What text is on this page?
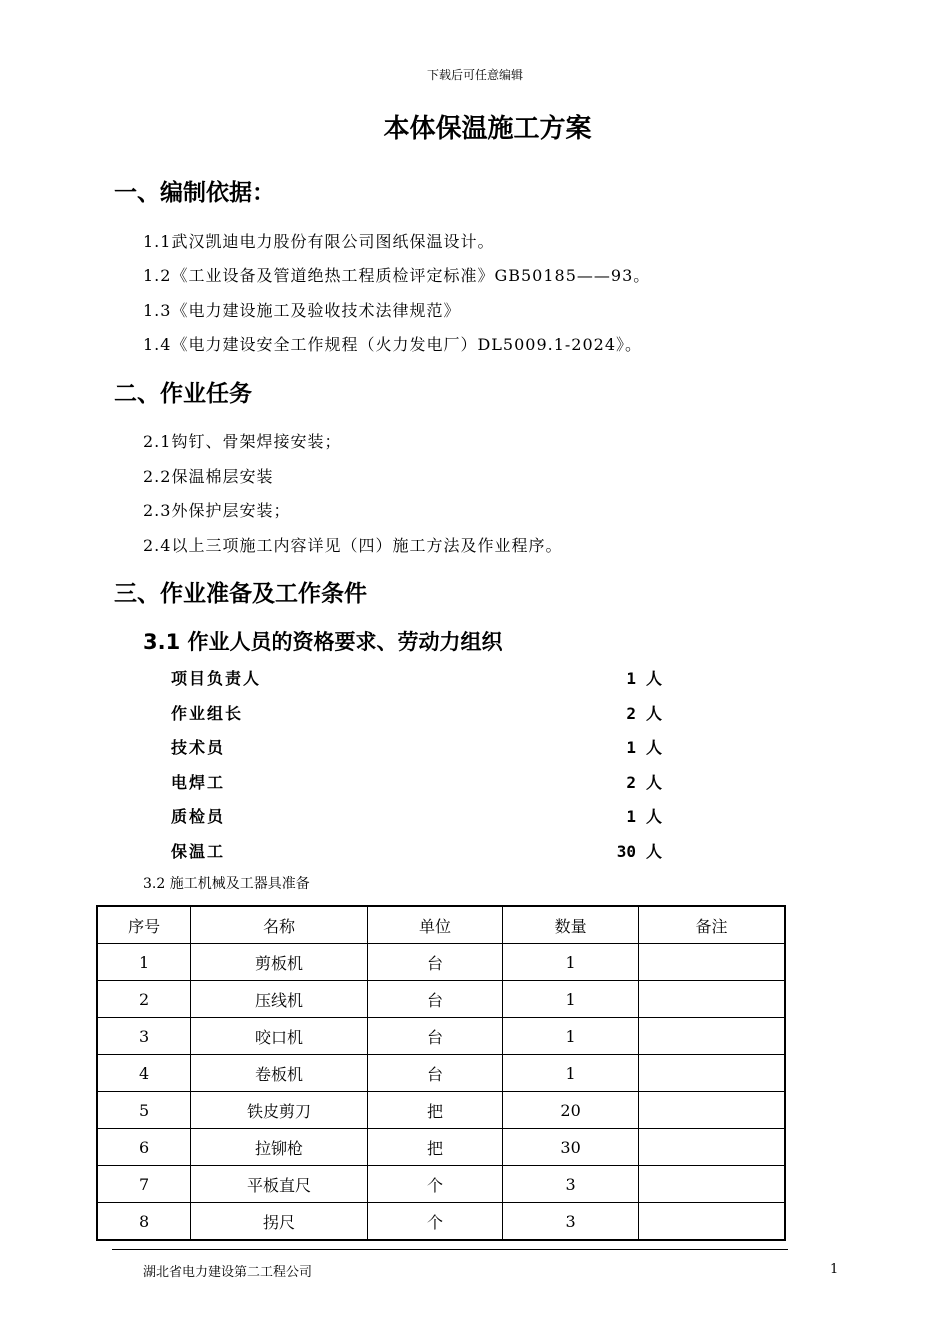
下载后可任意编辑
本体保温施工方案
一、编制依据：
1.1武汉凯迪电力股份有限公司图纸保温设计。
1.2《工业设备及管道绝热工程质检评定标准》GB50185——93。
1.3《电力建设施工及验收技术法律规范》
1.4《电力建设安全工作规程（火力发电厂）DL5009.1-2024》。
二、作业任务
2.1钩钉、骨架焊接安装；
2.2保温棉层安装
2.3外保护层安装；
2.4以上三项施工内容详见（四）施工方法及作业程序。
三、作业准备及工作条件
3.1 作业人员的资格要求、劳动力组织
项目负责人	1 人
作业组长	2 人
技术员	1 人
电焊工	2 人
质检员	1 人
保温工	30 人
3.2 施工机械及工器具准备
序号	名称	单位	数量	备注
1	剪板机	台	1	
2	压线机	台	1	
3	咬口机	台	1	
4	卷板机	台	1	
5	铁皮剪刀	把	20	
6	拉铆枪	把	30	
7	平板直尺	个	3	
8	拐尺	个	3	
湖北省电力建设第二工程公司	1
